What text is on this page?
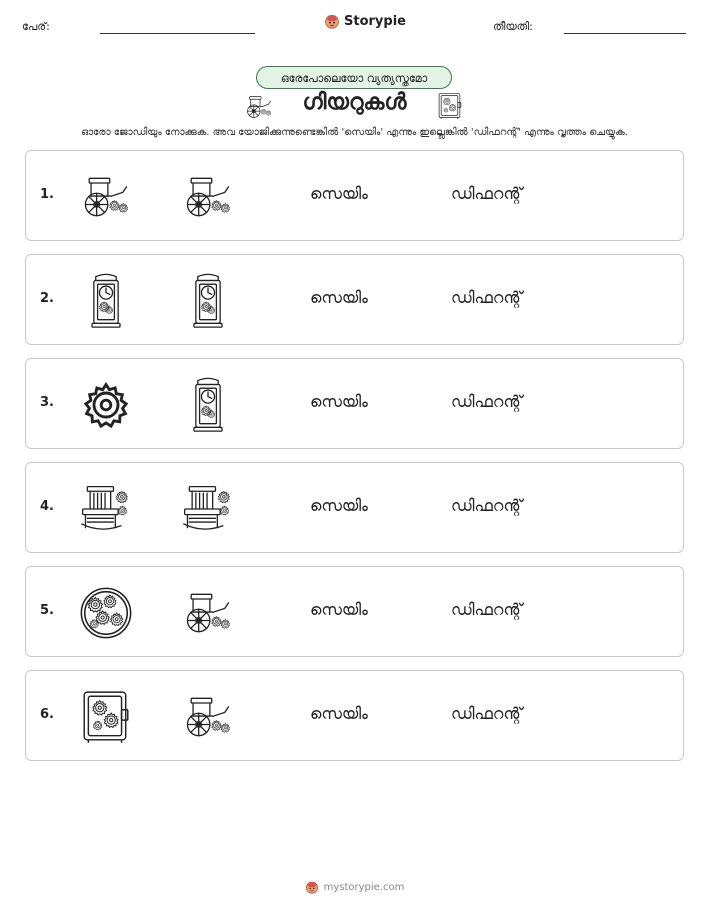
പേര്:	Storypie	തീയതി:
ഒരേപോലെയോ വ്യത്യസ്തമോ
ഗിയറുകൾ
ഓരോ ജോഡിയും നോക്കുക. അവ യോജിക്കുന്നുണ്ടെങ്കിൽ 'സെയിം' എന്നും ഇല്ലെങ്കിൽ 'ഡിഫറന്റ്' എന്നും വൃത്തം ചെയ്യുക.
1.	സെയിം	ഡിഫറന്റ്
2.	സെയിം	ഡിഫറന്റ്
3.	സെയിം	ഡിഫറന്റ്
4.	സെയിം	ഡിഫറന്റ്
5.	സെയിം	ഡിഫറന്റ്
6.	സെയിം	ഡിഫറന്റ്
mystorypie.com
